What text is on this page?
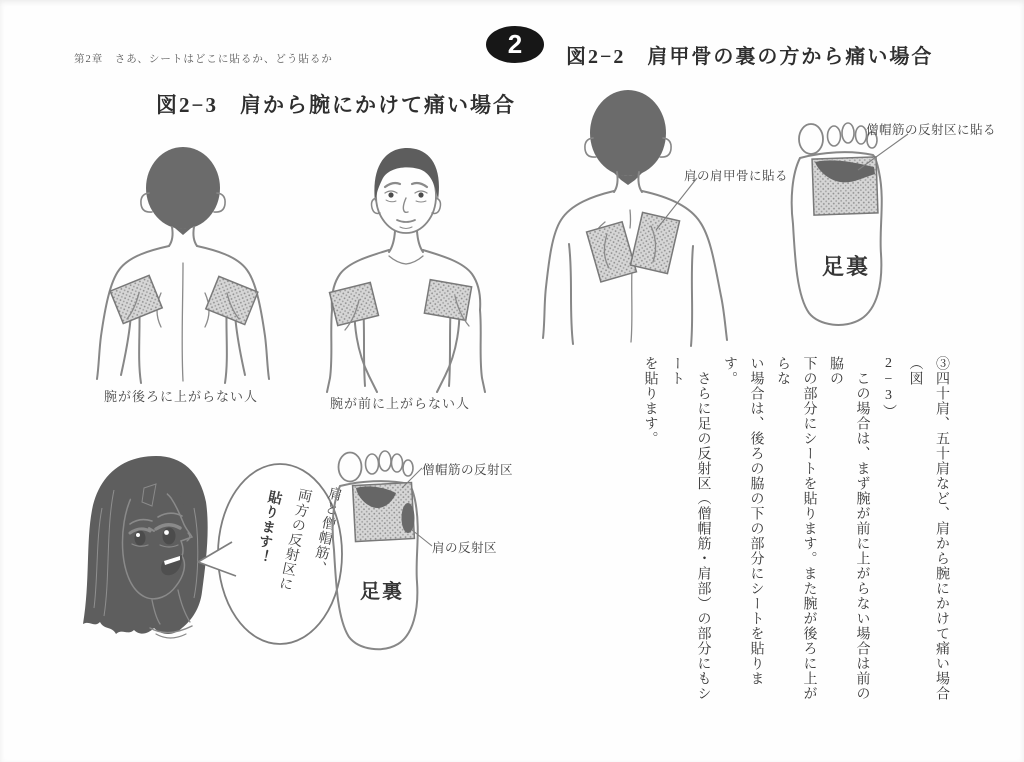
第2章　さあ、シートはどこに貼るか、どう貼るか
図2−3 肩から腕にかけて痛い場合
2 図2−2 肩甲骨の裏の方から痛い場合
腕が後ろに上がらない人	腕が前に上がらない人
肩の肩甲骨に貼る
足裏
僧帽筋の反射区に貼る
肩と僧帽筋、
両方の反射区に
貼ります！
足裏
僧帽筋の反射区
肩の反射区	③四十肩、五十肩など、肩から腕にかけて痛い場合（図
2−3）
　この場合は、まず腕が前に上がらない場合は前の脇の
下の部分にシートを貼ります。また腕が後ろに上がらな
い場合は、後ろの脇の下の部分にシートを貼ります。
　さらに足の反射区（僧帽筋・肩部）の部分にもシート
を貼ります。
